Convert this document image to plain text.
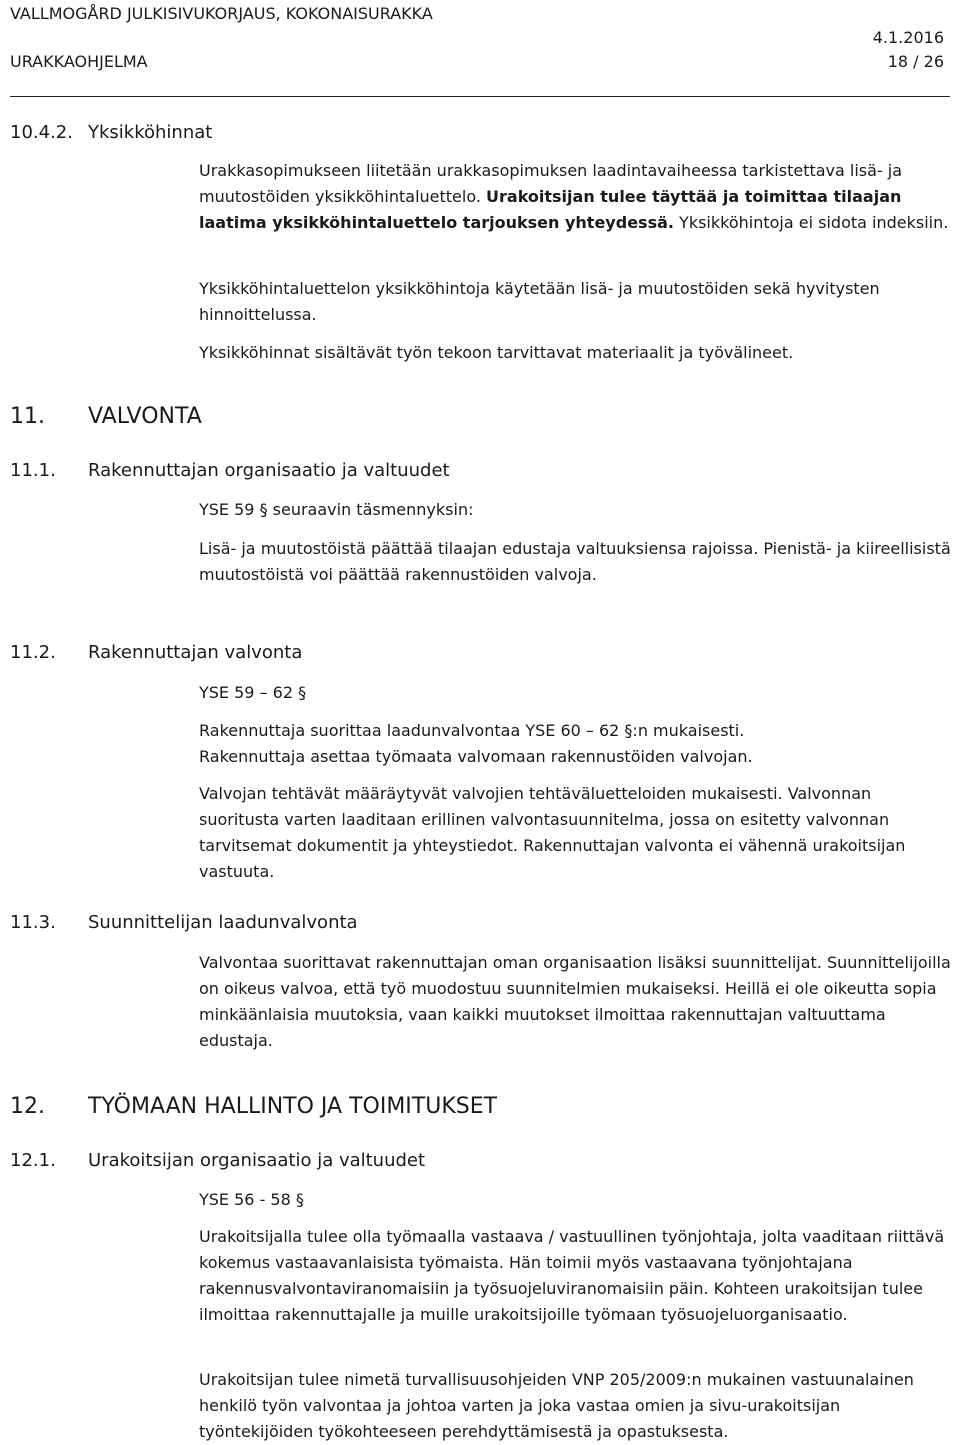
VALLMOGÅRD JULKISIVUKORJAUS, KOKONAISURAKKA
4.1.2016
URAKKAOHJELMA	18 / 26
10.4.2. Yksikköhinnat

Urakkasopimukseen liitetään urakkasopimuksen laadintavaiheessa tarkistettava lisä- ja muutostöiden yksikköhintaluettelo. Urakoitsijan tulee täyttää ja toimittaa tilaajan laatima yksikköhintaluettelo tarjouksen yhteydessä. Yksikköhintoja ei sidota indeksiin.

Yksikköhintaluettelon yksikköhintoja käytetään lisä- ja muutostöiden sekä hyvitysten hinnoittelussa.

Yksikköhinnat sisältävät työn tekoon tarvittavat materiaalit ja työvälineet.

11. VALVONTA
11.1. Rakennuttajan organisaatio ja valtuudet

YSE 59 § seuraavin täsmennyksin:

Lisä- ja muutostöistä päättää tilaajan edustaja valtuuksiensa rajoissa. Pienistä- ja kiireellisistä muutostöistä voi päättää rakennustöiden valvoja.

11.2. Rakennuttajan valvonta

YSE 59 – 62 §

Rakennuttaja suorittaa laadunvalvontaa YSE 60 – 62 §:n mukaisesti.
Rakennuttaja asettaa työmaata valvomaan rakennustöiden valvojan.

Valvojan tehtävät määräytyvät valvojien tehtäväluetteloiden mukaisesti. Valvonnan suoritusta varten laaditaan erillinen valvontasuunnitelma, jossa on esitetty valvonnan tarvitsemat dokumentit ja yhteystiedot. Rakennuttajan valvonta ei vähennä urakoitsijan vastuuta.

11.3. Suunnittelijan laadunvalvonta

Valvontaa suorittavat rakennuttajan oman organisaation lisäksi suunnittelijat. Suunnittelijoilla on oikeus valvoa, että työ muodostuu suunnitelmien mukaiseksi. Heillä ei ole oikeutta sopia minkäänlaisia muutoksia, vaan kaikki muutokset ilmoittaa rakennuttajan valtuuttama edustaja.

12. TYÖMAAN HALLINTO JA TOIMITUKSET
12.1. Urakoitsijan organisaatio ja valtuudet

YSE 56 - 58 §

Urakoitsijalla tulee olla työmaalla vastaava / vastuullinen työnjohtaja, jolta vaaditaan riittävä kokemus vastaavanlaisista työmaista. Hän toimii myös vastaavana työnjohtajana rakennusvalvontaviranomaisiin ja työsuojeluviranomaisiin päin. Kohteen urakoitsijan tulee ilmoittaa rakennuttajalle ja muille urakoitsijoille työmaan työsuojeluorganisaatio.

Urakoitsijan tulee nimetä turvallisuusohjeiden VNP 205/2009:n mukainen vastuunalainen henkilö työn valvontaa ja johtoa varten ja joka vastaa omien ja sivu-urakoitsijan työntekijöiden työkohteeseen perehdyttämisestä ja opastuksesta.
